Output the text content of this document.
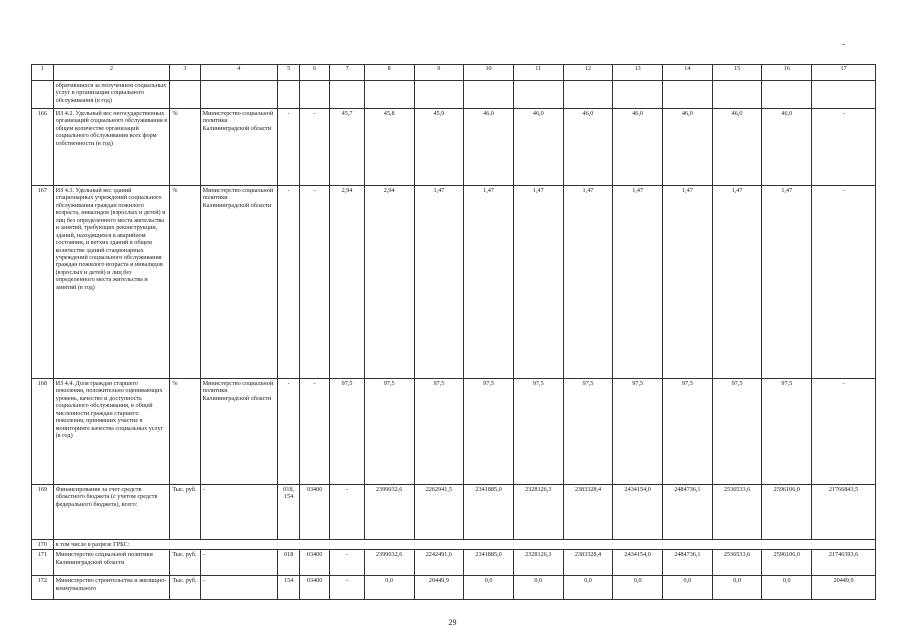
1	2	3	4	5	6	7	8	9	10	11	12	13	14	15	16	17
	обратившихся за получением социальных услуг в организации социального обслуживания (в год)															
166	ИЗ 4.2. Удельный вес негосударственных организаций социального обслуживания в общем количестве организаций социального обслуживания всех форм собственности (в год)	%	Министерство социальной политики Калининградской области	-	-	45,7	45,8	45,9	46,0	46,0	46,0	46,0	46,0	46,0	46,0	-
167	ИЗ 4.3. Удельный вес зданий стационарных учреждений социального обслуживания граждан пожилого возраста, инвалидов (взрослых и детей) и лиц без определенного места жительства и занятий, требующих реконструкции, зданий, находящихся в аварийном состоянии, и ветхих зданий в общем количестве зданий стационарных учреждений социального обслуживания граждан пожилого возраста и инвалидов (взрослых и детей) и лиц без определенного места жительства и занятий (в год)	%	Министерство социальной политики Калининградской области	-	-	2,94	2,94	1,47	1,47	1,47	1,47	1,47	1,47	1,47	1,47	-
168	ИЗ 4.4. Доля граждан старшего поколения, положительно оценивающих уровень, качество и доступность социального обслуживания, в общей численности граждан старшего поколения, принявших участие в мониторинге качества социальных услуг (в год)	%	Министерство социальной политики Калининградской области	-	-	97,5	97,5	97,5	97,5	97,5	97,5	97,5	97,5	97,5	97,5	-
169	Финансирование за счет средств областного бюджета (с учетом средств федерального бюджета), всего:	Тыс. руб.	-	018, 154	03400	-	2399032,6	2262941,5	2341885,0	2328126,3	2383328,4	2434154,0	2484736,1	2536533,6	2596106,0	21766843,5
170	в том числе в разрезе ГРБС:															
171	Министерство социальной политики Калининградской области	Тыс. руб.	-	018	03400	-	2399032,6	2242491,6	2341885,0	2328126,3	2383328,4	2434154,0	2484736,1	2536533,6	2596106,0	21746393,6
172	Министерство строительства и жилищно-коммунального	Тыс. руб.	-	154	03400	-	0,0	20449,9	0,0	0,0	0,0	0,0	0,0	0,0	0,0	20449,9
29
